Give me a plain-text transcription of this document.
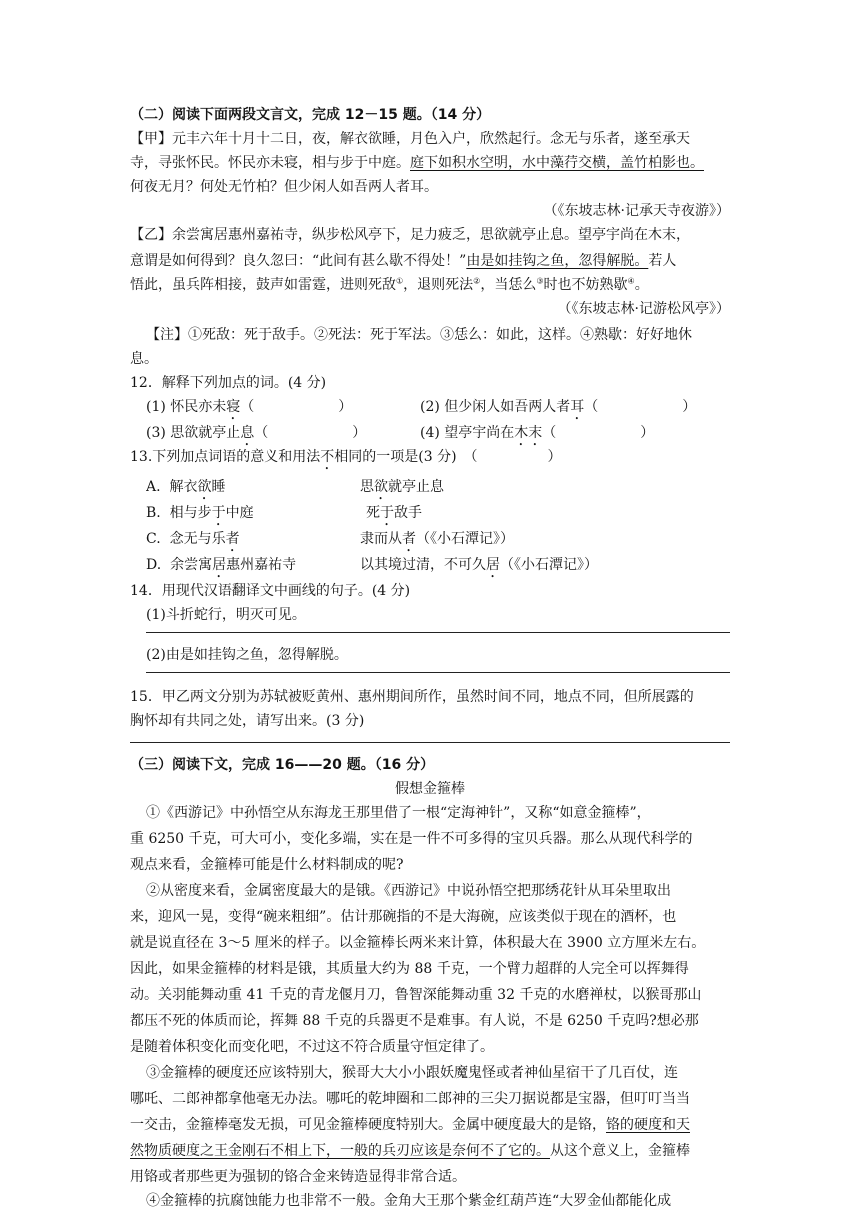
（二）阅读下面两段文言文，完成 12－15 题。（14 分）
【甲】元丰六年十月十二日，夜，解衣欲睡，月色入户，欣然起行。念无与乐者，遂至承天
寺，寻张怀民。怀民亦未寝，相与步于中庭。庭下如积水空明，水中藻荇交横，盖竹柏影也。
何夜无月？何处无竹柏？但少闲人如吾两人者耳。
（《东坡志林·记承天寺夜游》）
【乙】余尝寓居惠州嘉祐寺，纵步松风亭下，足力疲乏，思欲就亭止息。望亭宇尚在木末，
意谓是如何得到？良久忽曰：“此间有甚么歇不得处！”由是如挂钩之鱼，忽得解脱。若人
悟此，虽兵阵相接，鼓声如雷霆，进则死敌①，退则死法②，当恁么③时也不妨熟歇④。
（《东坡志林·记游松风亭》）
【注】①死敌：死于敌手。②死法：死于军法。③恁么：如此，这样。④熟歇：好好地休
息。
12．解释下列加点的词。(4 分)
(1) 怀民亦未寝（　　　　　　）	(2) 但少闲人如吾两人者耳（　　　　　　）
(3) 思欲就亭止息（　　　　　　）	(4) 望亭宇尚在木末（　　　　　　）
13.下列加点词语的意义和用法不相同的一项是(3 分)　（　　　　　）
A. 解衣欲睡	思欲就亭止息
B. 相与步于中庭	死于敌手
C. 念无与乐者	隶而从者（《小石潭记》）
D. 余尝寓居惠州嘉祐寺	以其境过清，不可久居（《小石潭记》）
14．用现代汉语翻译文中画线的句子。(4 分)
(1)斗折蛇行，明灭可见。
(2)由是如挂钩之鱼，忽得解脱。
15．甲乙两文分别为苏轼被贬黄州、惠州期间所作，虽然时间不同，地点不同，但所展露的
胸怀却有共同之处，请写出来。(3 分)
（三）阅读下文，完成 16——20 题。（16 分）
假想金箍棒
①《西游记》中孙悟空从东海龙王那里借了一根“定海神针”，又称“如意金箍棒”，
重 6250 千克，可大可小，变化多端，实在是一件不可多得的宝贝兵器。那么从现代科学的
观点来看，金箍棒可能是什么材料制成的呢?
②从密度来看，金属密度最大的是锇。《西游记》中说孙悟空把那绣花针从耳朵里取出
来，迎风一晃，变得“碗来粗细”。估计那碗指的不是大海碗，应该类似于现在的酒杯，也
就是说直径在 3～5 厘米的样子。以金箍棒长两米来计算，体积最大在 3900 立方厘米左右。
因此，如果金箍棒的材料是锇，其质量大约为 88 千克，一个臂力超群的人完全可以挥舞得
动。关羽能舞动重 41 千克的青龙偃月刀，鲁智深能舞动重 32 千克的水磨禅杖，以猴哥那山
都压不死的体质而论，挥舞 88 千克的兵器更不是难事。有人说，不是 6250 千克吗?想必那
是随着体积变化而变化吧，不过这不符合质量守恒定律了。
③金箍棒的硬度还应该特别大，猴哥大大小小跟妖魔鬼怪或者神仙星宿干了几百仗，连
哪吒、二郎神都拿他毫无办法。哪吒的乾坤圈和二郎神的三尖刀据说都是宝器，但叮叮当当
一交击，金箍棒毫发无损，可见金箍棒硬度特别大。金属中硬度最大的是铬，铬的硬度和天
然物质硬度之王金刚石不相上下，一般的兵刃应该是奈何不了它的。从这个意义上，金箍棒
用铬或者那些更为强韧的铬合金来铸造显得非常合适。
④金箍棒的抗腐蚀能力也非常不一般。金角大王那个紫金红葫芦连“大罗金仙都能化成
